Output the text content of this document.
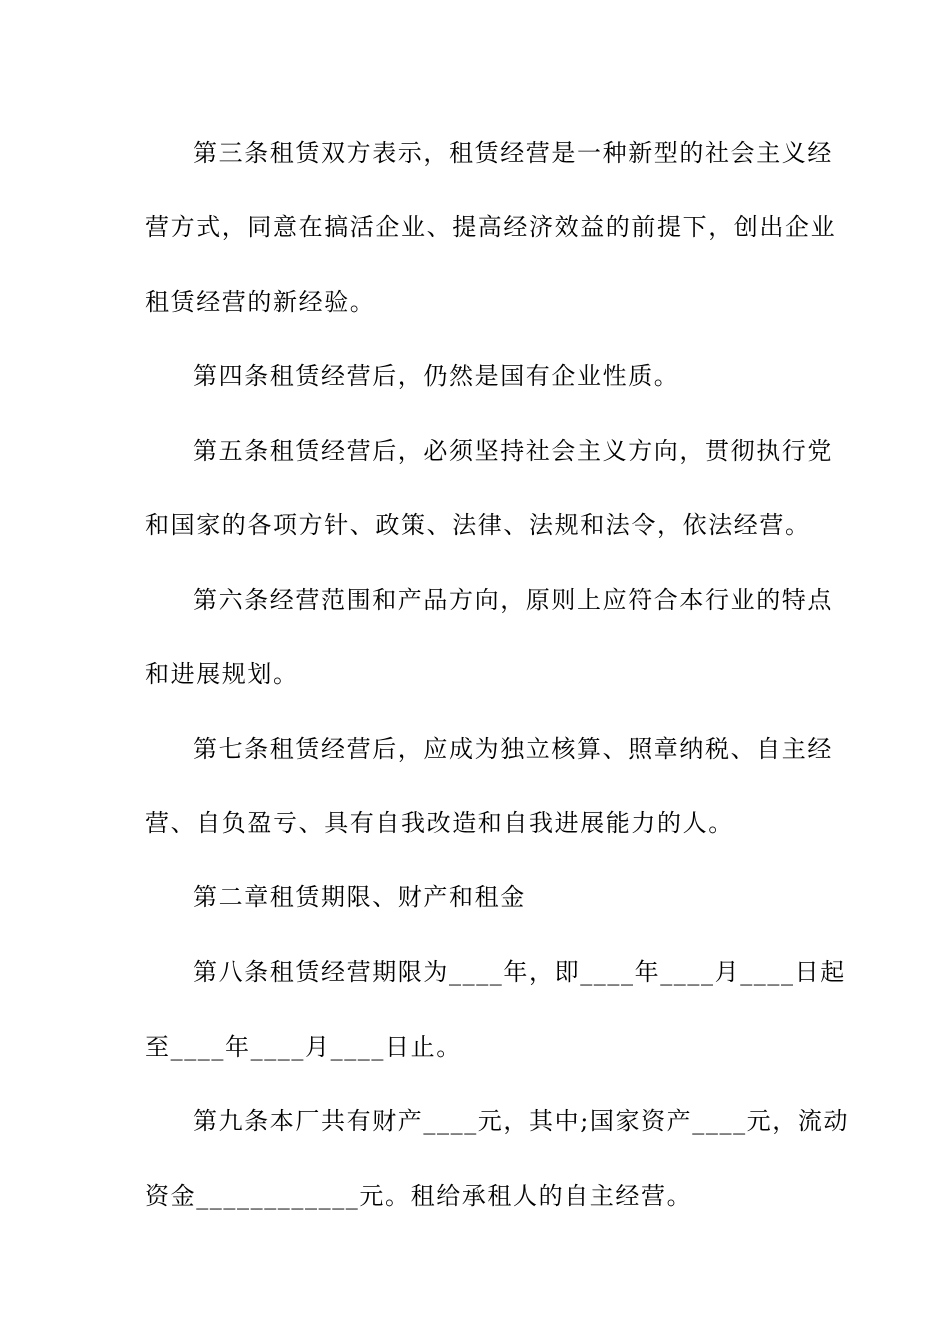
第三条租赁双方表示，租赁经营是一种新型的社会主义经
营方式，同意在搞活企业、提高经济效益的前提下，创出企业
租赁经营的新经验。
第四条租赁经营后，仍然是国有企业性质。
第五条租赁经营后，必须坚持社会主义方向，贯彻执行党
和国家的各项方针、政策、法律、法规和法令，依法经营。
第六条经营范围和产品方向，原则上应符合本行业的特点
和进展规划。
第七条租赁经营后，应成为独立核算、照章纳税、自主经
营、自负盈亏、具有自我改造和自我进展能力的人。
第二章租赁期限、财产和租金
第八条租赁经营期限为____年，即____年____月____日起
至____年____月____日止。
第九条本厂共有财产____元，其中;国家资产____元，流动
资金____________元。租给承租人的自主经营。
